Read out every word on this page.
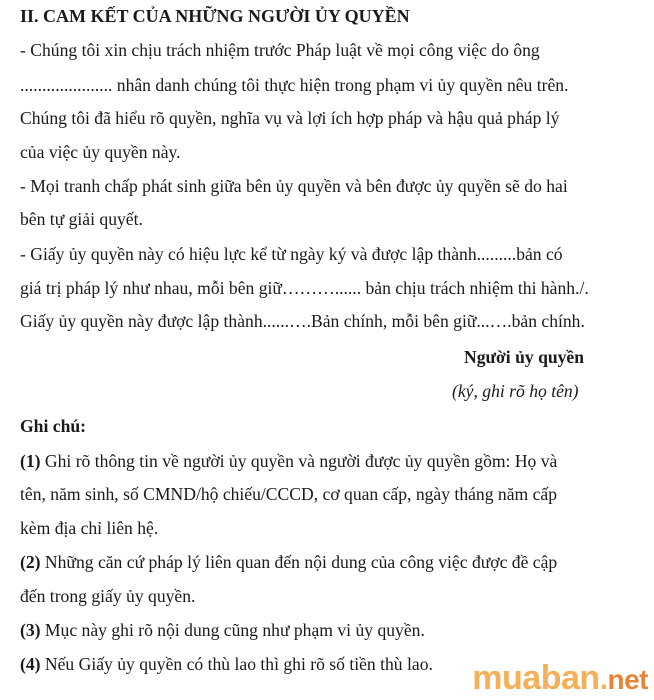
II. CAM KẾT CỦA NHỮNG NGƯỜI ỦY QUYỀN
- Chúng tôi xin chịu trách nhiệm trước Pháp luật về mọi công việc do ông
..................... nhân danh chúng tôi thực hiện trong phạm vi ủy quyền nêu trên.
Chúng tôi đã hiểu rõ quyền, nghĩa vụ và lợi ích hợp pháp và hậu quả pháp lý
của việc ủy quyền này.
- Mọi tranh chấp phát sinh giữa bên ủy quyền và bên được ủy quyền sẽ do hai
bên tự giải quyết.
- Giấy ủy quyền này có hiệu lực kể từ ngày ký và được lập thành.........bản có
giá trị pháp lý như nhau, mỗi bên giữ………...... bản chịu trách nhiệm thi hành./.
Giấy ủy quyền này được lập thành......….Bản chính, mỗi bên giữ...….bản chính.
Người ủy quyền
(ký, ghi rõ họ tên)
Ghi chú:
(1) Ghi rõ thông tin về người ủy quyền và người được ủy quyền gồm: Họ và
tên, năm sinh, số CMND/hộ chiếu/CCCD, cơ quan cấp, ngày tháng năm cấp
kèm địa chỉ liên hệ.
(2) Những căn cứ pháp lý liên quan đến nội dung của công việc được đề cập
đến trong giấy ủy quyền.
(3) Mục này ghi rõ nội dung cũng như phạm vi ủy quyền.
(4) Nếu Giấy ủy quyền có thù lao thì ghi rõ số tiền thù lao. muaban.net
